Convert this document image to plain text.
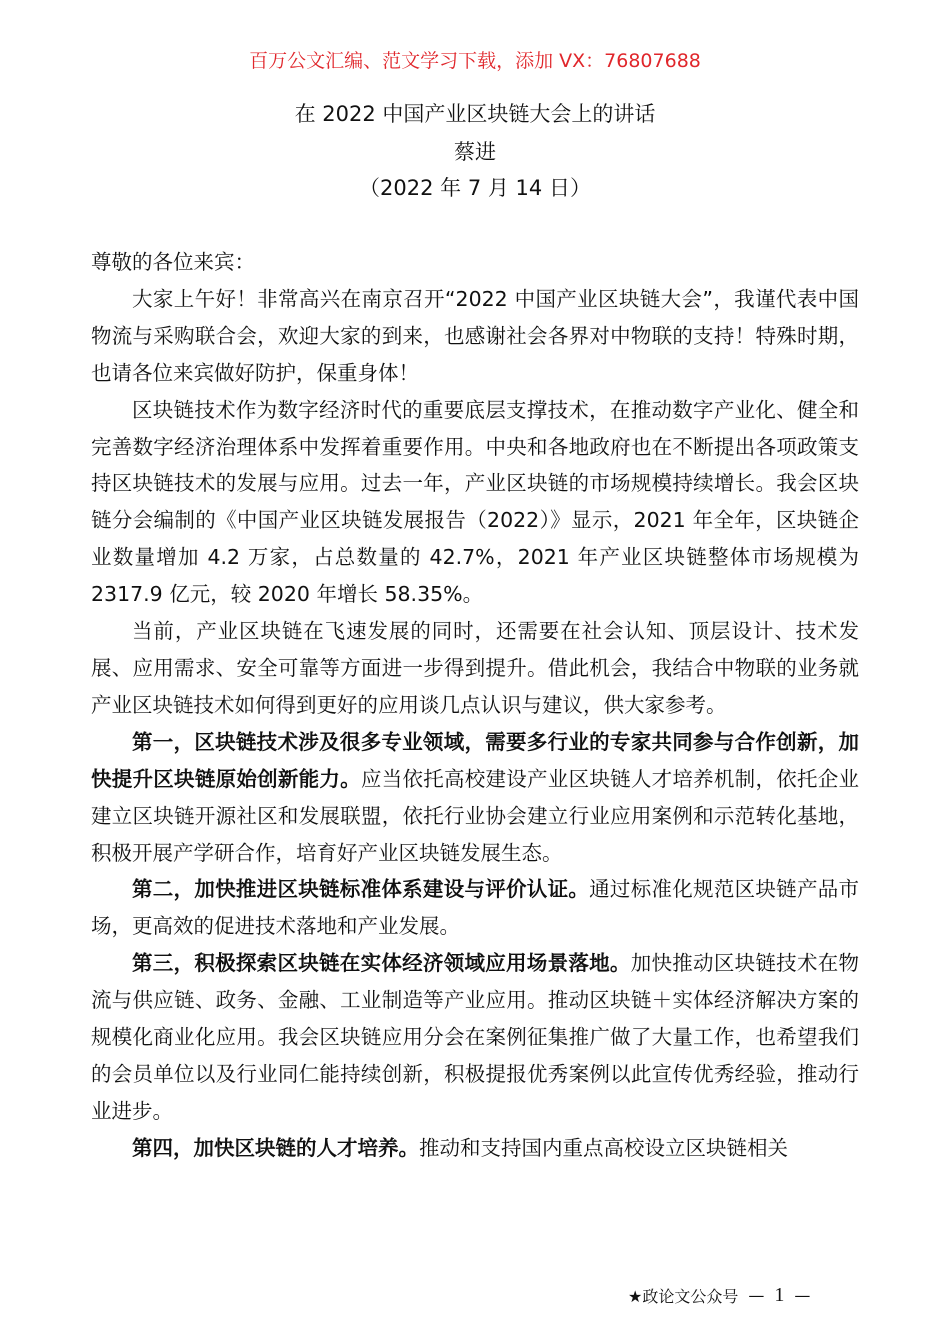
百万公文汇编、范文学习下载，添加 VX：76807688
在 2022 中国产业区块链大会上的讲话
蔡进
（2022 年 7 月 14 日）

尊敬的各位来宾：

大家上午好！非常高兴在南京召开“2022 中国产业区块链大会”，我谨代表中国物流与采购联合会，欢迎大家的到来，也感谢社会各界对中物联的支持！特殊时期，也请各位来宾做好防护，保重身体！

区块链技术作为数字经济时代的重要底层支撑技术，在推动数字产业化、健全和完善数字经济治理体系中发挥着重要作用。中央和各地政府也在不断提出各项政策支持区块链技术的发展与应用。过去一年，产业区块链的市场规模持续增长。我会区块链分会编制的《中国产业区块链发展报告（2022）》显示，2021 年全年，区块链企业数量增加 4.2 万家，占总数量的 42.7%，2021 年产业区块链整体市场规模为 2317.9 亿元，较 2020 年增长 58.35%。

当前，产业区块链在飞速发展的同时，还需要在社会认知、顶层设计、技术发展、应用需求、安全可靠等方面进一步得到提升。借此机会，我结合中物联的业务就产业区块链技术如何得到更好的应用谈几点认识与建议，供大家参考。

第一，区块链技术涉及很多专业领域，需要多行业的专家共同参与合作创新，加快提升区块链原始创新能力。应当依托高校建设产业区块链人才培养机制，依托企业建立区块链开源社区和发展联盟，依托行业协会建立行业应用案例和示范转化基地，积极开展产学研合作，培育好产业区块链发展生态。

第二，加快推进区块链标准体系建设与评价认证。通过标准化规范区块链产品市场，更高效的促进技术落地和产业发展。

第三，积极探索区块链在实体经济领域应用场景落地。加快推动区块链技术在物流与供应链、政务、金融、工业制造等产业应用。推动区块链＋实体经济解决方案的规模化商业化应用。我会区块链应用分会在案例征集推广做了大量工作，也希望我们的会员单位以及行业同仁能持续创新，积极提报优秀案例以此宣传优秀经验，推动行业进步。

第四，加快区块链的人才培养。推动和支持国内重点高校设立区块链相关

★政论文公众号 — 1 —
